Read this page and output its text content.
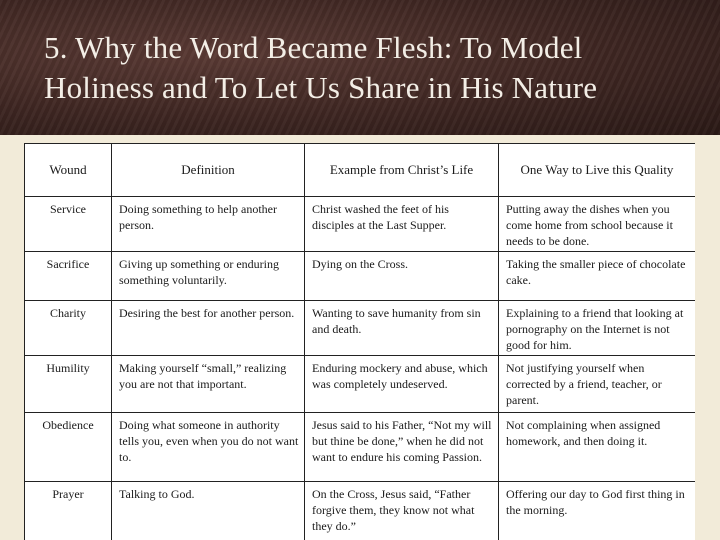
5. Why the Word Became Flesh: To Model Holiness and To Let Us Share in His Nature
Wound	Definition	Example from Christ’s Life	One Way to Live this Quality
Service	Doing something to help another person.	Christ washed the feet of his disciples at the Last Supper.	Putting away the dishes when you come home from school because it needs to be done.
Sacrifice	Giving up something or enduring something voluntarily.	Dying on the Cross.	Taking the smaller piece of chocolate cake.
Charity	Desiring the best for another person.	Wanting to save humanity from sin and death.	Explaining to a friend that looking at pornography on the Internet is not good for him.
Humility	Making yourself “small,” realizing you are not that important.	Enduring mockery and abuse, which was completely undeserved.	Not justifying yourself when corrected by a friend, teacher, or parent.
Obedience	Doing what someone in authority tells you, even when you do not want to.	Jesus said to his Father, “Not my will but thine be done,” when he did not want to endure his coming Passion.	Not complaining when assigned homework, and then doing it.
Prayer	Talking to God.	On the Cross, Jesus said, “Father forgive them, they know not what they do.”	Offering our day to God first thing in the morning.
